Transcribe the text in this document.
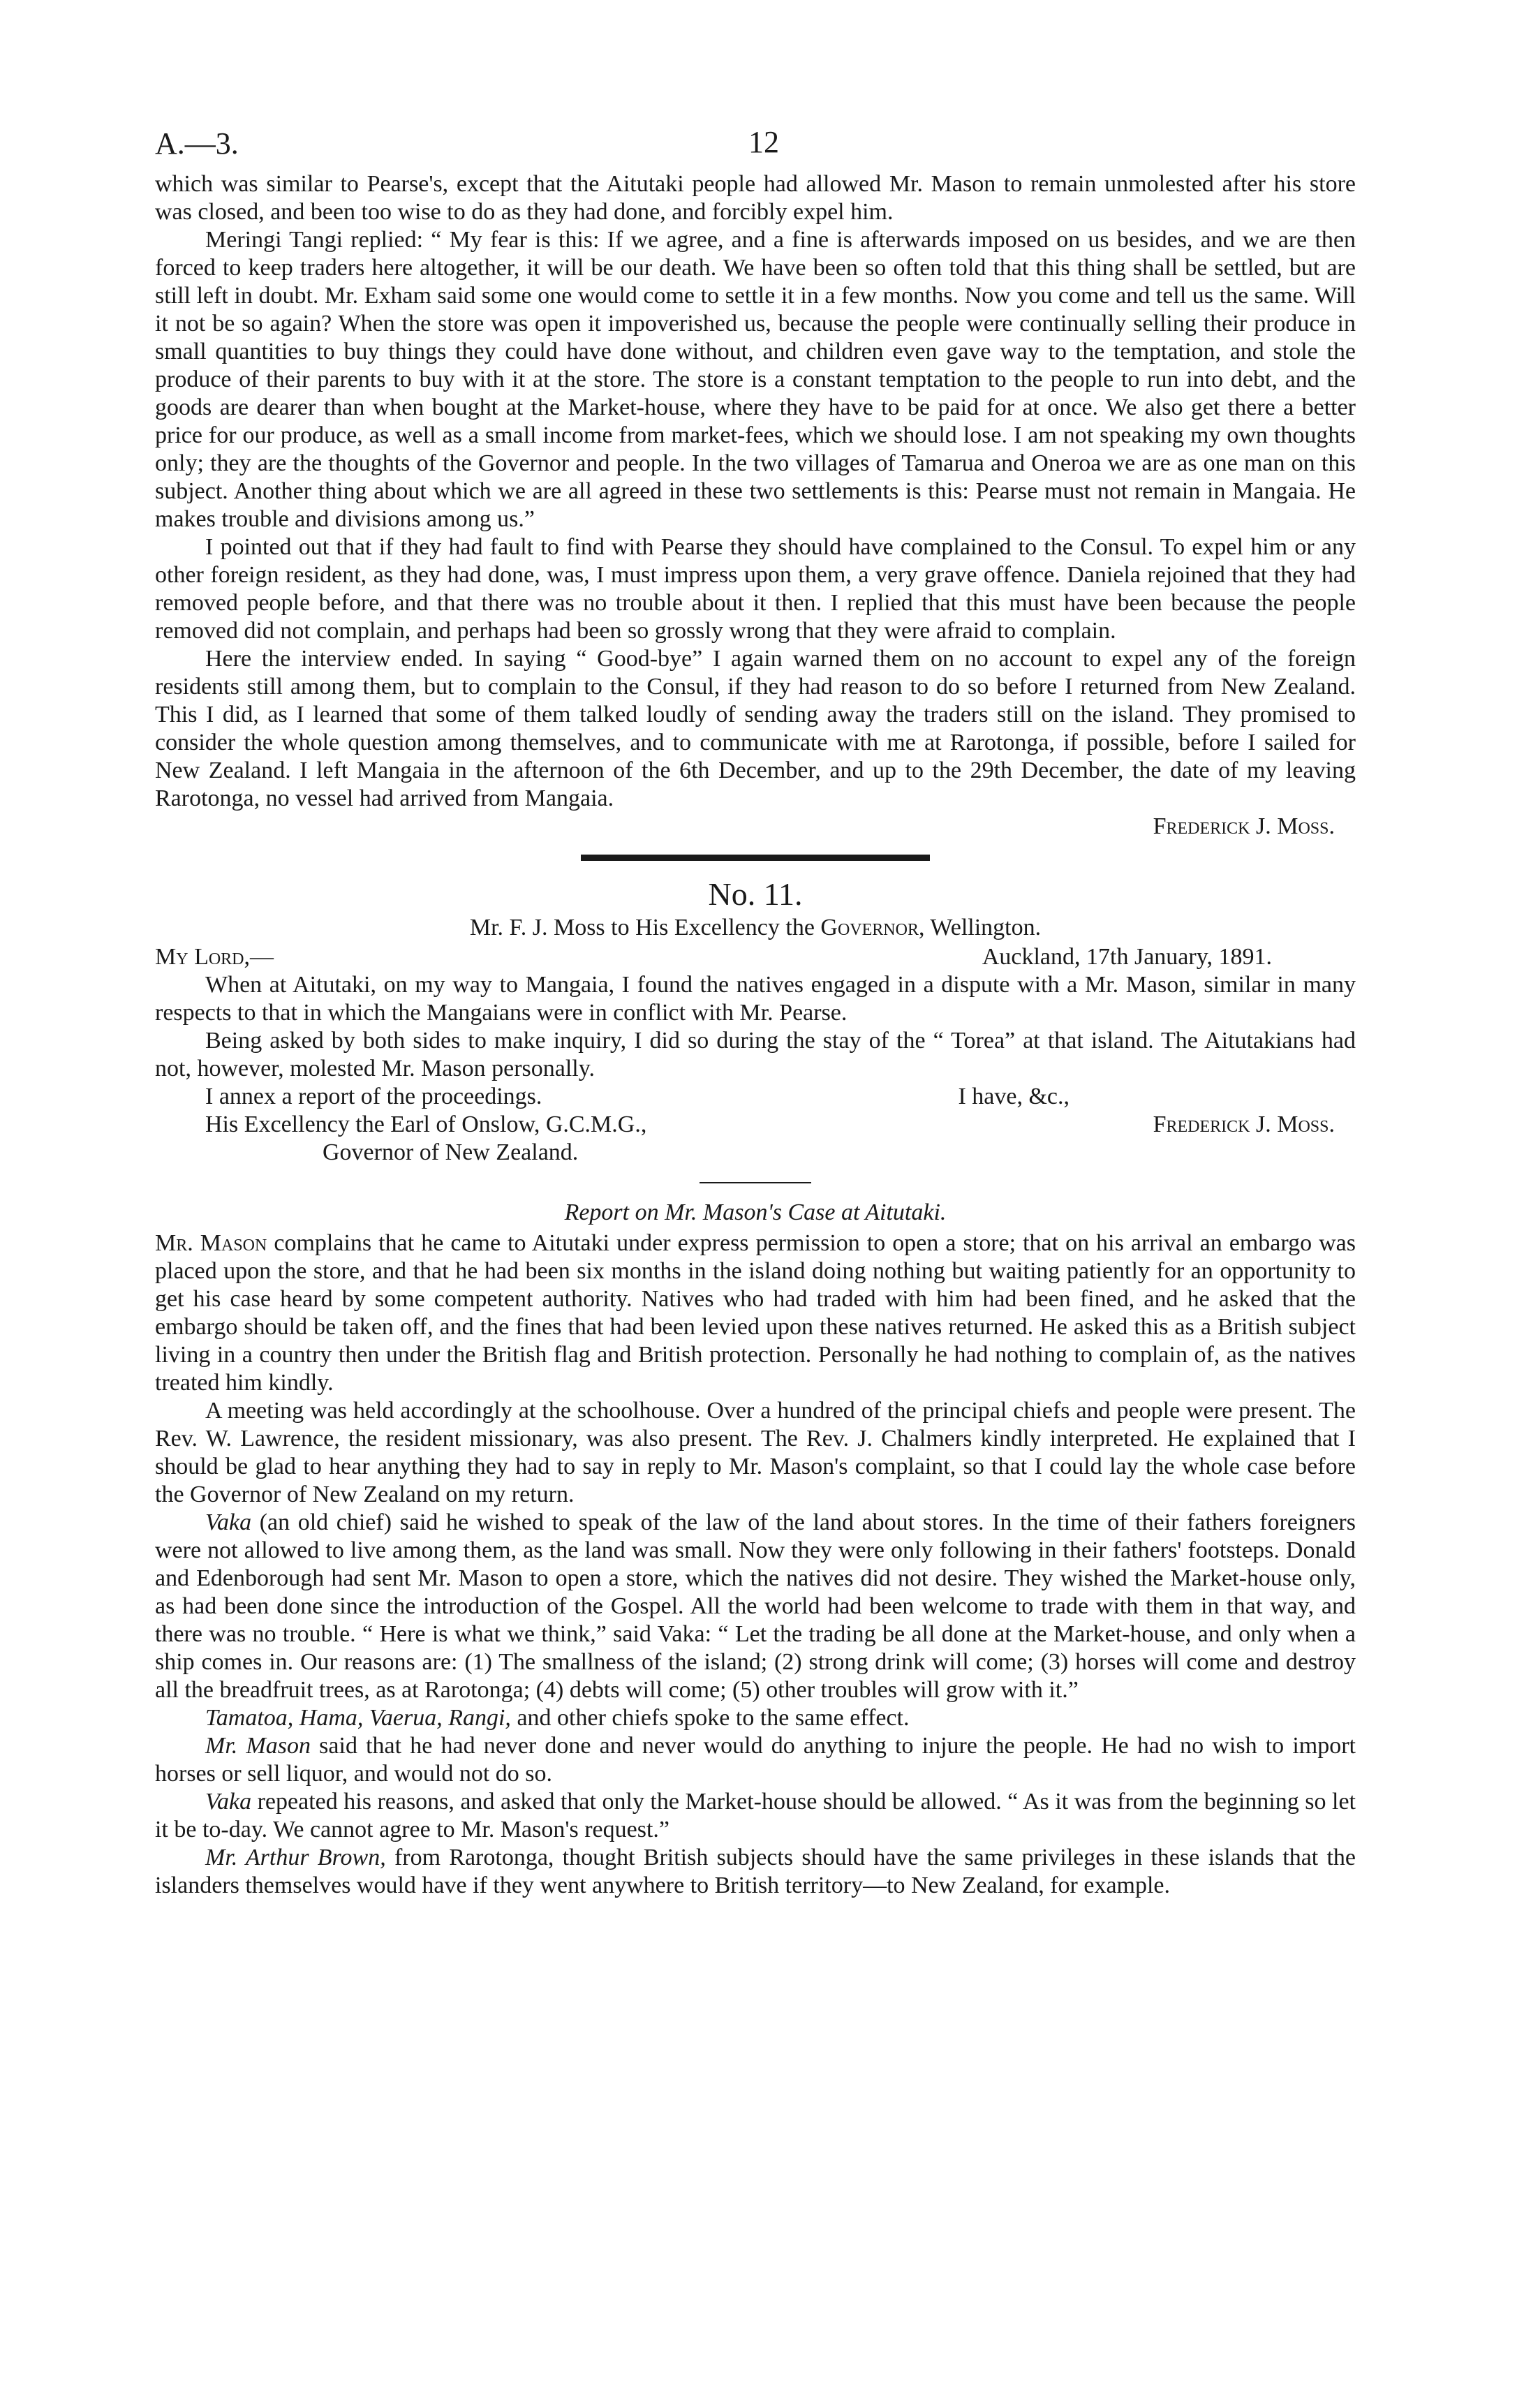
A.—3.	12

which was similar to Pearse's, except that the Aitutaki people had allowed Mr. Mason to remain unmolested after his store was closed, and been too wise to do as they had done, and forcibly expel him.

Meringi Tangi replied: “ My fear is this: If we agree, and a fine is afterwards imposed on us besides, and we are then forced to keep traders here altogether, it will be our death. We have been so often told that this thing shall be settled, but are still left in doubt. Mr. Exham said some one would come to settle it in a few months. Now you come and tell us the same. Will it not be so again? When the store was open it impoverished us, because the people were continually selling their produce in small quantities to buy things they could have done without, and children even gave way to the temptation, and stole the produce of their parents to buy with it at the store. The store is a constant temptation to the people to run into debt, and the goods are dearer than when bought at the Market-house, where they have to be paid for at once. We also get there a better price for our produce, as well as a small income from market-fees, which we should lose. I am not speaking my own thoughts only; they are the thoughts of the Governor and people. In the two villages of Tamarua and Oneroa we are as one man on this subject. Another thing about which we are all agreed in these two settlements is this: Pearse must not remain in Mangaia. He makes trouble and divisions among us.”

I pointed out that if they had fault to find with Pearse they should have complained to the Consul. To expel him or any other foreign resident, as they had done, was, I must impress upon them, a very grave offence. Daniela rejoined that they had removed people before, and that there was no trouble about it then. I replied that this must have been because the people removed did not complain, and perhaps had been so grossly wrong that they were afraid to complain.

Here the interview ended. In saying “ Good-bye” I again warned them on no account to expel any of the foreign residents still among them, but to complain to the Consul, if they had reason to do so before I returned from New Zealand. This I did, as I learned that some of them talked loudly of sending away the traders still on the island. They promised to consider the whole question among themselves, and to communicate with me at Rarotonga, if possible, before I sailed for New Zealand. I left Mangaia in the afternoon of the 6th December, and up to the 29th December, the date of my leaving Rarotonga, no vessel had arrived from Mangaia.

Frederick J. Moss.
No. 11.
Mr. F. J. Moss to His Excellency the Governor, Wellington.
My Lord,—	Auckland, 17th January, 1891.

When at Aitutaki, on my way to Mangaia, I found the natives engaged in a dispute with a Mr. Mason, similar in many respects to that in which the Mangaians were in conflict with Mr. Pearse.

Being asked by both sides to make inquiry, I did so during the stay of the “ Torea” at that island. The Aitutakians had not, however, molested Mr. Mason personally.

I annex a report of the proceedings.	I have, &c.,
His Excellency the Earl of Onslow, G.C.M.G.,	Frederick J. Moss.
Governor of New Zealand.
Report on Mr. Mason's Case at Aitutaki.

Mr. Mason complains that he came to Aitutaki under express permission to open a store; that on his arrival an embargo was placed upon the store, and that he had been six months in the island doing nothing but waiting patiently for an opportunity to get his case heard by some competent authority. Natives who had traded with him had been fined, and he asked that the embargo should be taken off, and the fines that had been levied upon these natives returned. He asked this as a British subject living in a country then under the British flag and British protection. Personally he had nothing to complain of, as the natives treated him kindly.

A meeting was held accordingly at the schoolhouse. Over a hundred of the principal chiefs and people were present. The Rev. W. Lawrence, the resident missionary, was also present. The Rev. J. Chalmers kindly interpreted. He explained that I should be glad to hear anything they had to say in reply to Mr. Mason's complaint, so that I could lay the whole case before the Governor of New Zealand on my return.

Vaka (an old chief) said he wished to speak of the law of the land about stores. In the time of their fathers foreigners were not allowed to live among them, as the land was small. Now they were only following in their fathers' footsteps. Donald and Edenborough had sent Mr. Mason to open a store, which the natives did not desire. They wished the Market-house only, as had been done since the introduction of the Gospel. All the world had been welcome to trade with them in that way, and there was no trouble. “ Here is what we think,” said Vaka: “ Let the trading be all done at the Market-house, and only when a ship comes in. Our reasons are: (1) The smallness of the island; (2) strong drink will come; (3) horses will come and destroy all the breadfruit trees, as at Rarotonga; (4) debts will come; (5) other troubles will grow with it.”

Tamatoa, Hama, Vaerua, Rangi, and other chiefs spoke to the same effect.

Mr. Mason said that he had never done and never would do anything to injure the people. He had no wish to import horses or sell liquor, and would not do so.

Vaka repeated his reasons, and asked that only the Market-house should be allowed. “ As it was from the beginning so let it be to-day. We cannot agree to Mr. Mason's request.”

Mr. Arthur Brown, from Rarotonga, thought British subjects should have the same privileges in these islands that the islanders themselves would have if they went anywhere to British territory—to New Zealand, for example.
